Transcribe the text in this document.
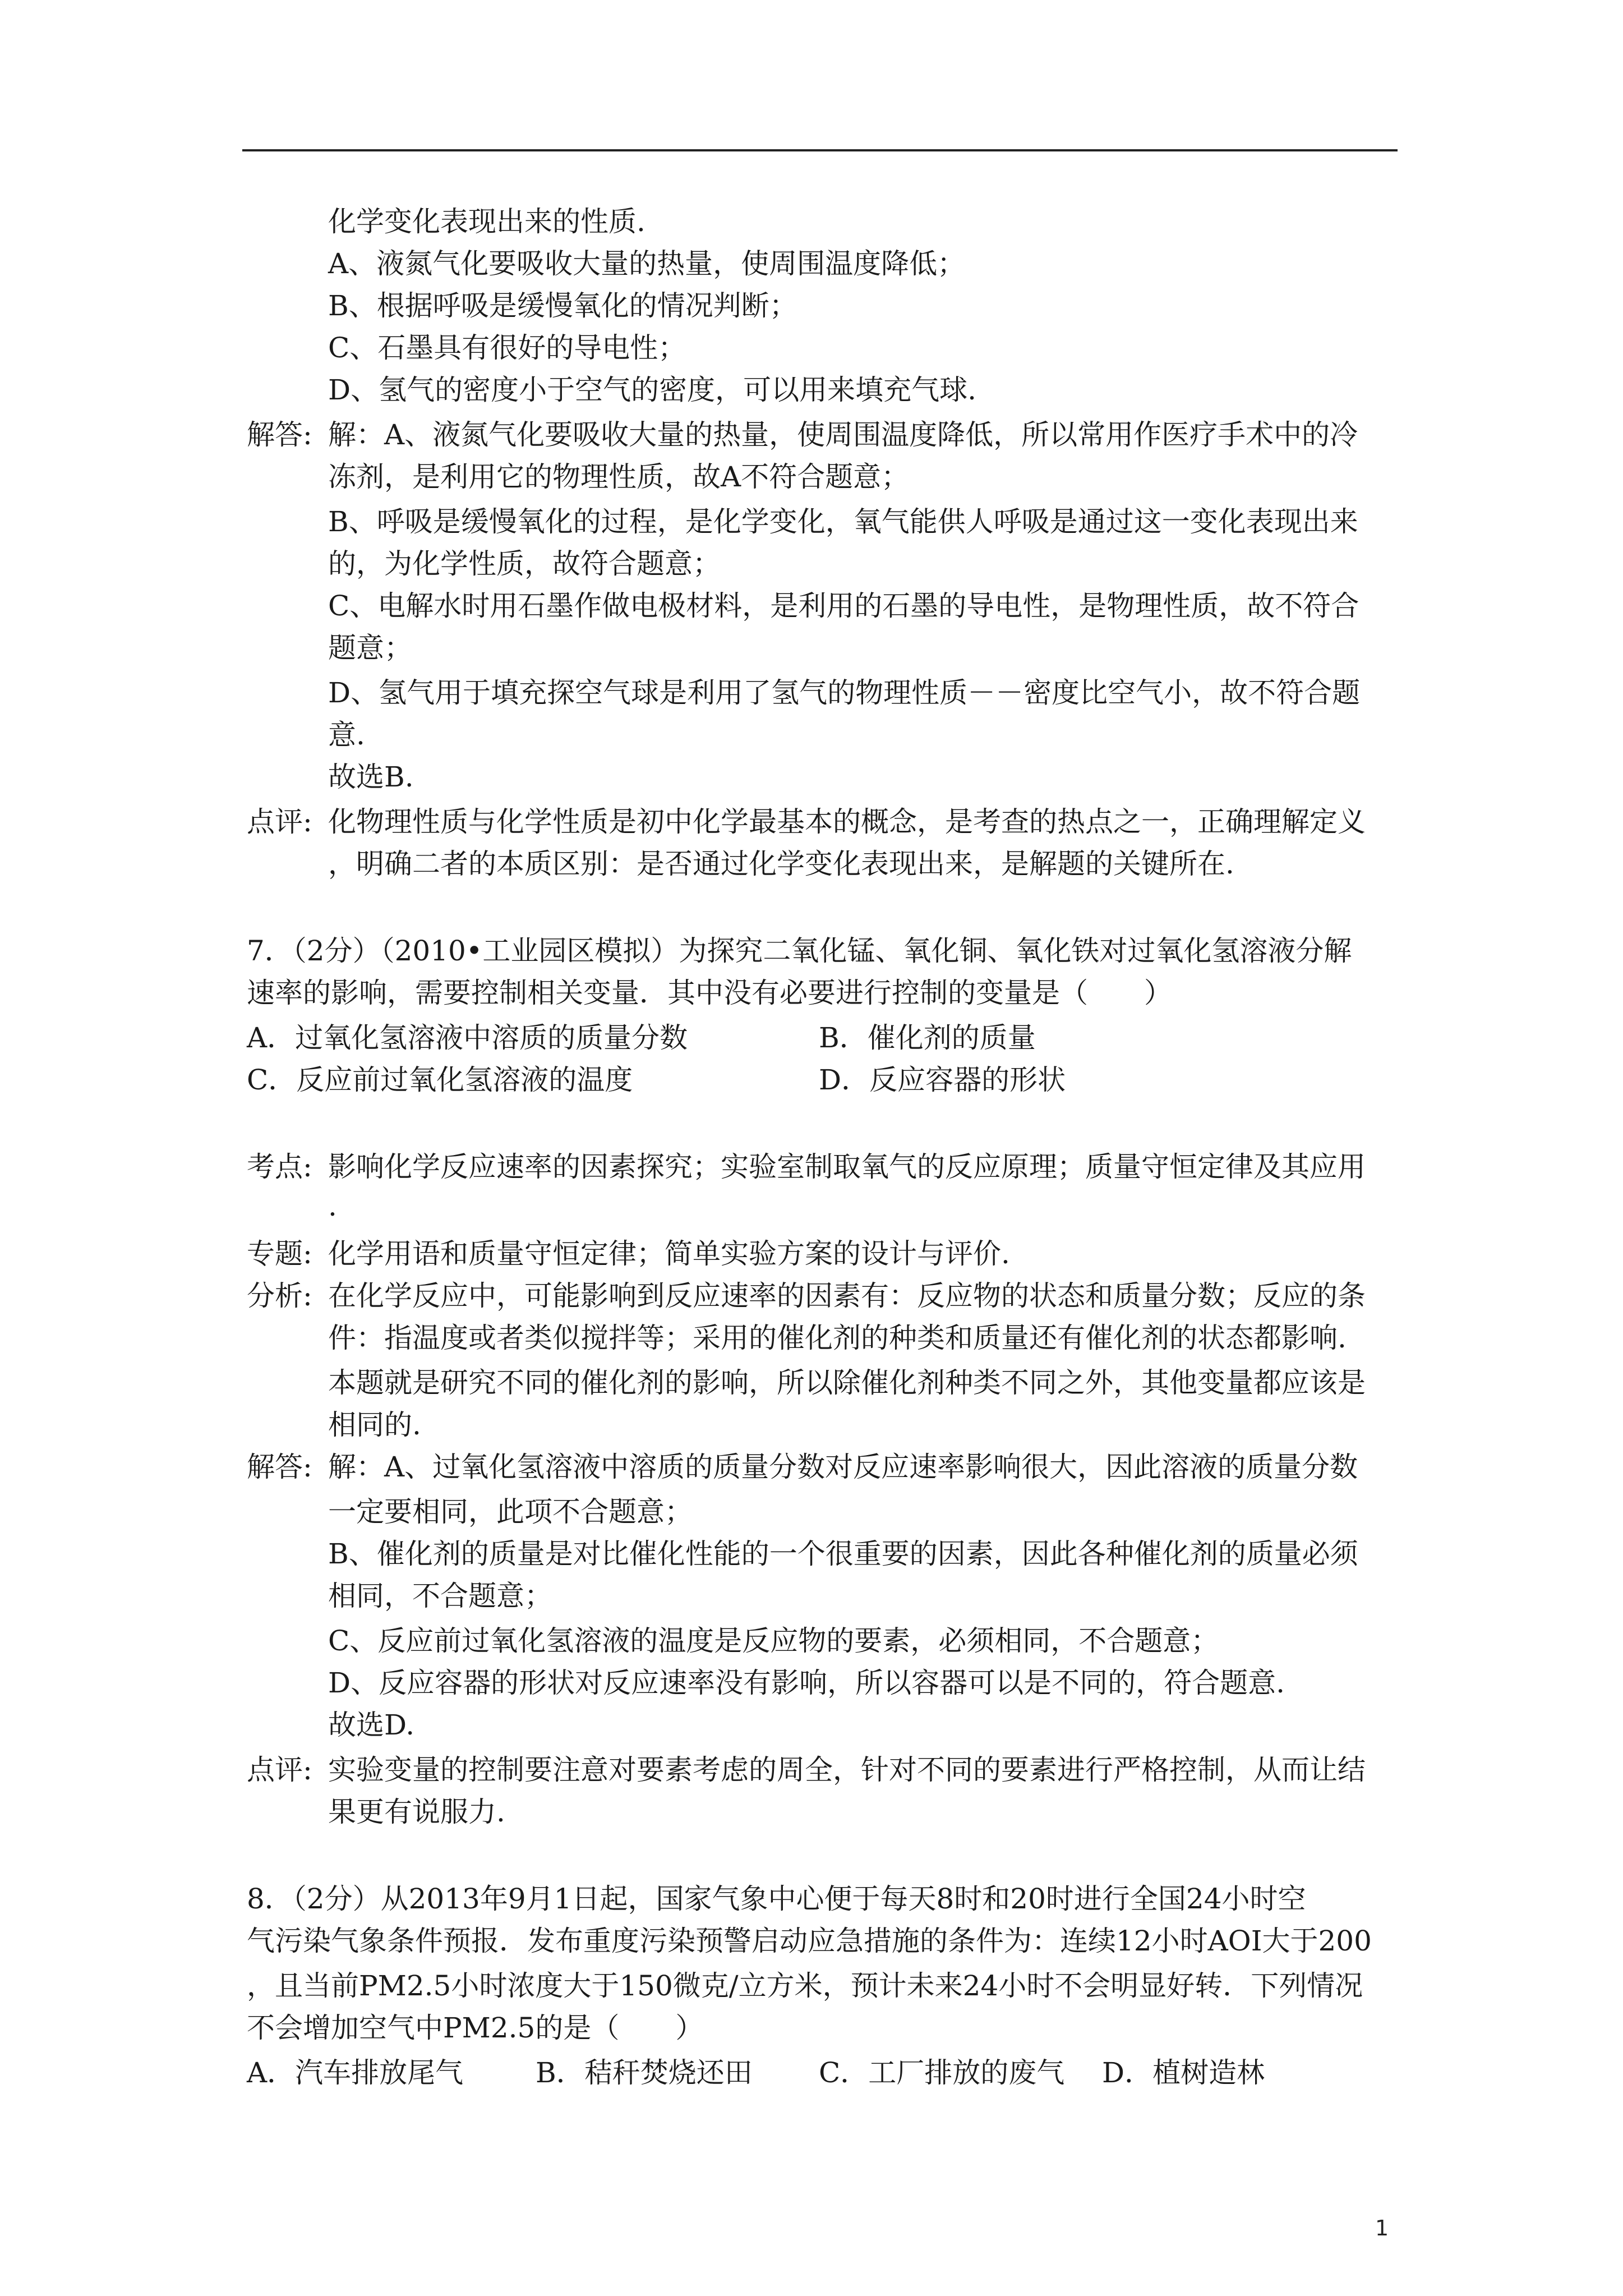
化学变化表现出来的性质.
A、液氮气化要吸收大量的热量，使周围温度降低；
B、根据呼吸是缓慢氧化的情况判断；
C、石墨具有很好的导电性；
D、氢气的密度小于空气的密度，可以用来填充气球.
解答: 解：A、液氮气化要吸收大量的热量，使周围温度降低，所以常用作医疗手术中的冷
冻剂，是利用它的物理性质，故A不符合题意；
B、呼吸是缓慢氧化的过程，是化学变化，氧气能供人呼吸是通过这一变化表现出来
的，为化学性质，故符合题意；
C、电解水时用石墨作做电极材料，是利用的石墨的导电性，是物理性质，故不符合
题意；
D、氢气用于填充探空气球是利用了氢气的物理性质－－密度比空气小，故不符合题
意.
故选B.
点评: 化物理性质与化学性质是初中化学最基本的概念，是考查的热点之一，正确理解定义
，明确二者的本质区别：是否通过化学变化表现出来，是解题的关键所在.
7．（2分）（2010•工业园区模拟）为探究二氧化锰、氧化铜、氧化铁对过氧化氢溶液分解
速率的影响，需要控制相关变量．其中没有必要进行控制的变量是（　　）
A．过氧化氢溶液中溶质的质量分数	B．催化剂的质量
C．反应前过氧化氢溶液的温度	D．反应容器的形状
考点: 影响化学反应速率的因素探究；实验室制取氧气的反应原理；质量守恒定律及其应用
.
专题: 化学用语和质量守恒定律；简单实验方案的设计与评价.
分析: 在化学反应中，可能影响到反应速率的因素有：反应物的状态和质量分数；反应的条
件：指温度或者类似搅拌等；采用的催化剂的种类和质量还有催化剂的状态都影响.
本题就是研究不同的催化剂的影响，所以除催化剂种类不同之外，其他变量都应该是
相同的.
解答: 解：A、过氧化氢溶液中溶质的质量分数对反应速率影响很大，因此溶液的质量分数
一定要相同，此项不合题意；
B、催化剂的质量是对比催化性能的一个很重要的因素，因此各种催化剂的质量必须
相同，不合题意；
C、反应前过氧化氢溶液的温度是反应物的要素，必须相同，不合题意；
D、反应容器的形状对反应速率没有影响，所以容器可以是不同的，符合题意.
故选D.
点评: 实验变量的控制要注意对要素考虑的周全，针对不同的要素进行严格控制，从而让结
果更有说服力.
8．（2分）从2013年9月1日起，国家气象中心便于每天8时和20时进行全国24小时空
气污染气象条件预报．发布重度污染预警启动应急措施的条件为：连续12小时AOI大于200
，且当前PM2.5小时浓度大于150微克/立方米，预计未来24小时不会明显好转．下列情况
不会增加空气中PM2.5的是（　　）
A．汽车排放尾气	B．秸秆焚烧还田 C．工厂排放的废气 D．植树造林
1
